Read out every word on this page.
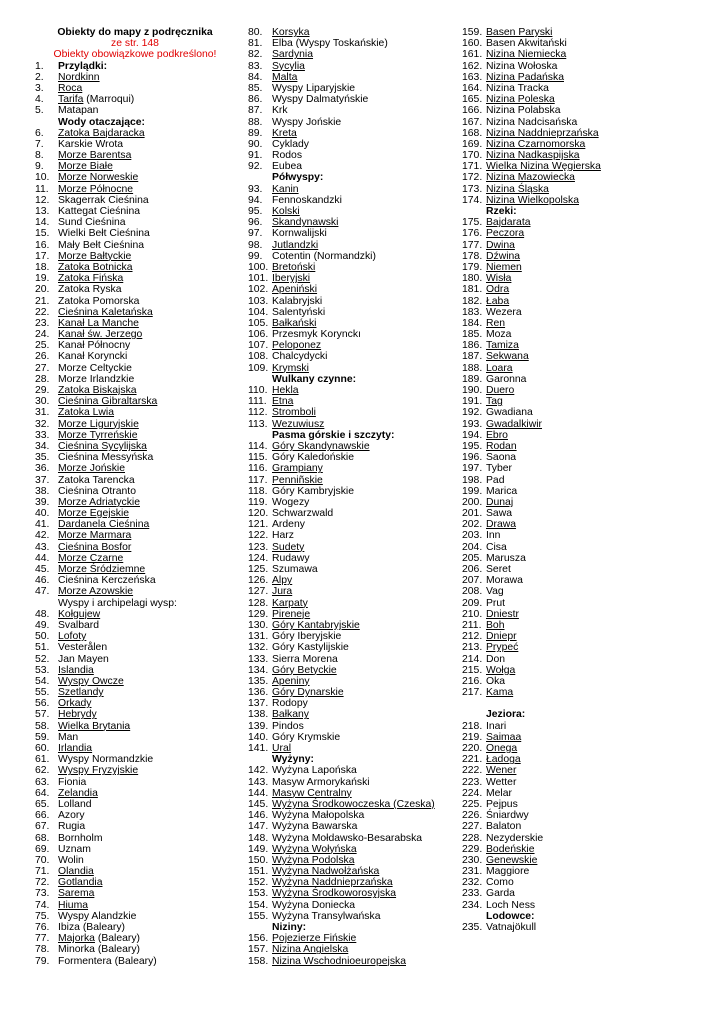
Obiekty do mapy z podręcznika
ze str. 148
Obiekty obowiązkowe podkreślono!
1. Przylądki:
2. Nordkinn
3. Roca
4. Tarifa (Marroqui)
5. Matapan
Wody otaczające:
6. Zatoka Bajdaracka
7. Karskie Wrota
8. Morze Barentsa
9. Morze Białe
10. Morze Norweskie
11. Morze Północne
12. Skagerrak Cieśnina
13. Kattegat Cieśnina
14. Sund Cieśnina
15. Wielki Bełt Cieśnina
16. Mały Bełt Cieśnina
17. Morze Bałtyckie
18. Zatoka Botnicka
19. Zatoka Fińska
20. Zatoka Ryska
21. Zatoka Pomorska
22. Cieśnina Kaletańska
23. Kanał La Manche
24. Kanał św. Jerzego
25. Kanał Północny
26. Kanał Koryncki
27. Morze Celtyckie
28. Morze Irlandzkie
29. Zatoka Biskajska
30. Cieśnina Gibraltarska
31. Zatoka Lwia
32. Morze Liguryjskie
33. Morze Tyrreńskie
34. Cieśnina Sycylijska
35. Cieśnina Messyńska
36. Morze Jońskie
37. Zatoka Tarencka
38. Cieśnina Otranto
39. Morze Adriatyckie
40. Morze Egejskie
41. Dardanela Cieśnina
42. Morze Marmara
43. Cieśnina Bosfor
44. Morze Czarne
45. Morze Śródziemne
46. Cieśnina Kerczeńska
47. Morze Azowskie
Wyspy i archipelagi wysp:
48. Kołgujew
49. Svalbard
50. Lofoty
51. Vesterålen
52. Jan Mayen
53. Islandia
54. Wyspy Owcze
55. Szetlandy
56. Orkady
57. Hebrydy
58. Wielka Brytania
59. Man
60. Irlandia
61. Wyspy Normandzkie
62. Wyspy Fryzyjskie
63. Fionia
64. Zelandia
65. Lolland
66. Azory
67. Rugia
68. Bornholm
69. Uznam
70. Wolin
71. Olandia
72. Gotlandia
73. Sarema
74. Hiuma
75. Wyspy Alandzkie
76. Ibiza (Baleary)
77. Majorka (Baleary)
78. Minorka (Baleary)
79. Formentera (Baleary)
80. Korsyka
81. Elba (Wyspy Toskańskie)
82. Sardynia
83. Sycylia
84. Malta
85. Wyspy Liparyjskie
86. Wyspy Dalmatyńskie
87. Krk
88. Wyspy Jońskie
89. Kreta
90. Cyklady
91. Rodos
92. Eubea
Półwyspy:
93. Kanin
94. Fennoskandzki
95. Kolski
96. Skandynawski
97. Kornwalijski
98. Jutlandzki
99. Cotentin (Normandzki)
100. Bretoński
101. Iberyjski
102. Apeniński
103. Kalabryjski
104. Salentyński
105. Bałkański
106. Przesmyk Korynckı
107. Peloponez
108. Chalcydycki
109. Krymski
Wulkany czynne:
110. Hekla
111. Etna
112. Stromboli
113. Wezuwiusz
Pasma górskie i szczyty:
114. Góry Skandynawskie
115. Góry Kaledońskie
116. Grampiany
117. Penniñskie
118. Góry Kambryjskie
119. Wogezy
120. Schwarzwald
121. Ardeny
122. Harz
123. Sudety
124. Rudawy
125. Szumawa
126. Alpy
127. Jura
128. Karpaty
129. Pireneje
130. Góry Kantabryjskie
131. Góry Iberyjskie
132. Góry Kastylijskie
133. Sierra Morena
134. Góry Betyckie
135. Apeniny
136. Góry Dynarskie
137. Rodopy
138. Bałkany
139. Pindos
140. Góry Krymskie
141. Ural
Wyżyny:
142. Wyżyna Lapońska
143. Masyw Armorykański
144. Masyw Centralny
145. Wyżyna Środkowoczeska (Czeska)
146. Wyżyna Małopolska
147. Wyżyna Bawarska
148. Wyżyna Mołdawsko-Besarabska
149. Wyżyna Wołyńska
150. Wyżyna Podolska
151. Wyżyna Nadwołżańska
152. Wyżyna Naddnieprzańska
153. Wyżyna Środkoworosyjska
154. Wyżyna Doniecka
155. Wyżyna Transylwańska
Niziny:
156. Pojezierze Fińskie
157. Nizina Angielska
158. Nizina Wschodnioeuropejska
159. Basen Paryski
160. Basen Akwitański
161. Nizina Niemiecka
162. Nizina Wołoska
163. Nizina Padańska
164. Nizina Tracka
165. Nizina Poleska
166. Nizina Polabska
167. Nizina Nadcisańska
168. Nizina Naddnieprzańska
169. Nizina Czarnomorska
170. Nizina Nadkaspijska
171. Wielka Nizina Węgierska
172. Nizina Mazowiecka
173. Nizina Śląska
174. Nizina Wielkopolska
Rzeki:
175. Bajdarata
176. Peczora
177. Dwina
178. Dźwina
179. Niemen
180. Wisła
181. Odra
182. Łaba
183. Wezera
184. Ren
185. Moza
186. Tamiza
187. Sekwana
188. Loara
189. Garonna
190. Duero
191. Tag
192. Gwadiana
193. Gwadalkiwir
194. Ebro
195. Rodan
196. Saona
197. Tyber
198. Pad
199. Marica
200. Dunaj
201. Sawa
202. Drawa
203. Inn
204. Cisa
205. Marusza
206. Seret
207. Morawa
208. Vag
209. Prut
210. Dniestr
211. Boh
212. Dniepr
213. Prypeć
214. Don
215. Wołga
216. Oka
217. Kama
Jeziora:
218. Inari
219. Saimaa
220. Onega
221. Ładoga
222. Wener
223. Wetter
224. Melar
225. Pejpus
226. Śniardwy
227. Balaton
228. Nezyderskie
229. Bodeńskie
230. Genewskie
231. Maggiore
232. Como
233. Garda
234. Loch Ness
Lodowce:
235. Vatnajökull
